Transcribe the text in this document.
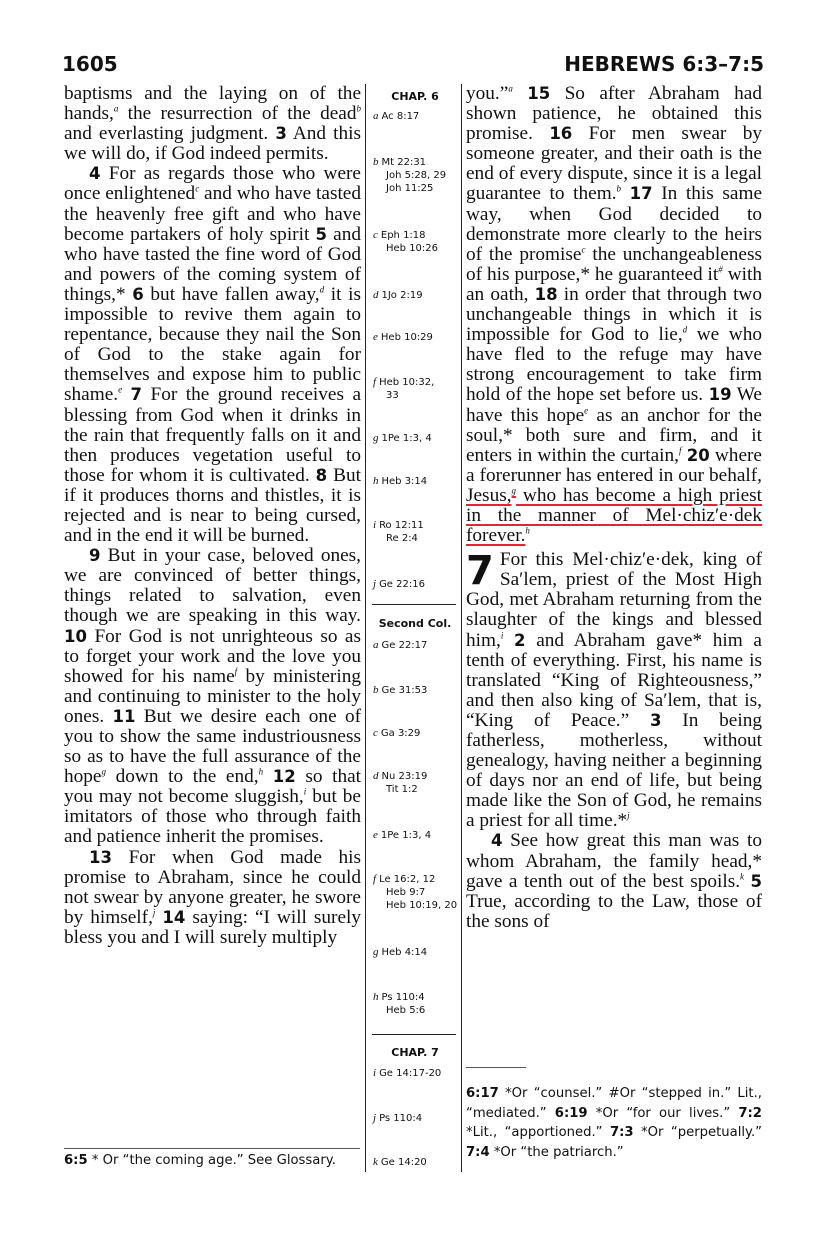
1605	HEBREWS 6:3–7:5

baptisms and the laying on of the hands,$^a$ the resurrection of the dead$^b$ and everlasting judgment. 3 And this we will do, if God indeed permits.

4 For as regards those who were once enlightened$^c$ and who have tasted the heavenly free gift and who have become partakers of holy spirit 5 and who have tasted the fine word of God and powers of the coming system of things,* 6 but have fallen away,$^d$ it is impossible to revive them again to repentance, because they nail the Son of God to the stake again for themselves and expose him to public shame.$^e$ 7 For the ground receives a blessing from God when it drinks in the rain that frequently falls on it and then produces vegetation useful to those for whom it is cultivated. 8 But if it produces thorns and thistles, it is rejected and is near to being cursed, and in the end it will be burned.

9 But in your case, beloved ones, we are convinced of better things, things related to salvation, even though we are speaking in this way. 10 For God is not unrighteous so as to forget your work and the love you showed for his name$^f$ by ministering and continuing to minister to the holy ones. 11 But we desire each one of you to show the same industriousness so as to have the full assurance of the hope$^g$ down to the end,$^h$ 12 so that you may not become sluggish,$^i$ but be imitators of those who through faith and patience inherit the promises.

13 For when God made his promise to Abraham, since he could not swear by anyone greater, he swore by himself,$^j$ 14 saying: “I will surely bless you and I will surely multiply

CHAP. 6
a Ac 8:17
b Mt 22:31
Joh 5:28, 29
Joh 11:25
c Eph 1:18
Heb 10:26
d 1Jo 2:19
e Heb 10:29
f Heb 10:32,
33
g 1Pe 1:3, 4
h Heb 3:14
i Ro 12:11
Re 2:4
j Ge 22:16
Second Col.
a Ge 22:17
b Ge 31:53
c Ga 3:29
d Nu 23:19
Tit 1:2
e 1Pe 1:3, 4
f Le 16:2, 12
Heb 9:7
Heb 10:19, 20
g Heb 4:14
h Ps 110:4
Heb 5:6
CHAP. 7
i Ge 14:17-20
j Ps 110:4
k Ge 14:20

you.”$^a$ 15 So after Abraham had shown patience, he obtained this promise. 16 For men swear by someone greater, and their oath is the end of every dispute, since it is a legal guarantee to them.$^b$ 17 In this same way, when God decided to demonstrate more clearly to the heirs of the promise$^c$ the unchangeableness of his purpose,* he guaranteed it# with an oath, 18 in order that through two unchangeable things in which it is impossible for God to lie,$^d$ we who have fled to the refuge may have strong encouragement to take firm hold of the hope set before us. 19 We have this hope$^e$ as an anchor for the soul,* both sure and firm, and it enters in within the curtain,$^f$ 20 where a forerunner has entered in our behalf, Jesus,$^g$ who has become a high priest in the manner of Mel·chizʹe·dek forever.$^h$

7 For this Mel·chizʹe·dek, king of Saʹlem, priest of the Most High God, met Abraham returning from the slaughter of the kings and blessed him,$^i$ 2 and Abraham gave* him a tenth of everything. First, his name is translated “King of Righteousness,” and then also king of Saʹlem, that is, “King of Peace.” 3 In being fatherless, motherless, without genealogy, having neither a beginning of days nor an end of life, but being made like the Son of God, he remains a priest for all time.*$^j$

4 See how great this man was to whom Abraham, the family head,* gave a tenth out of the best spoils.$^k$ 5 True, according to the Law, those of the sons of

6:5 * Or “the coming age.” See Glossary.
6:17 *Or “counsel.” #Or “stepped in.” Lit., “mediated.” 6:19 *Or “for our lives.” 7:2 *Lit., “apportioned.” 7:3 *Or “perpetually.” 7:4 *Or “the patriarch.”
